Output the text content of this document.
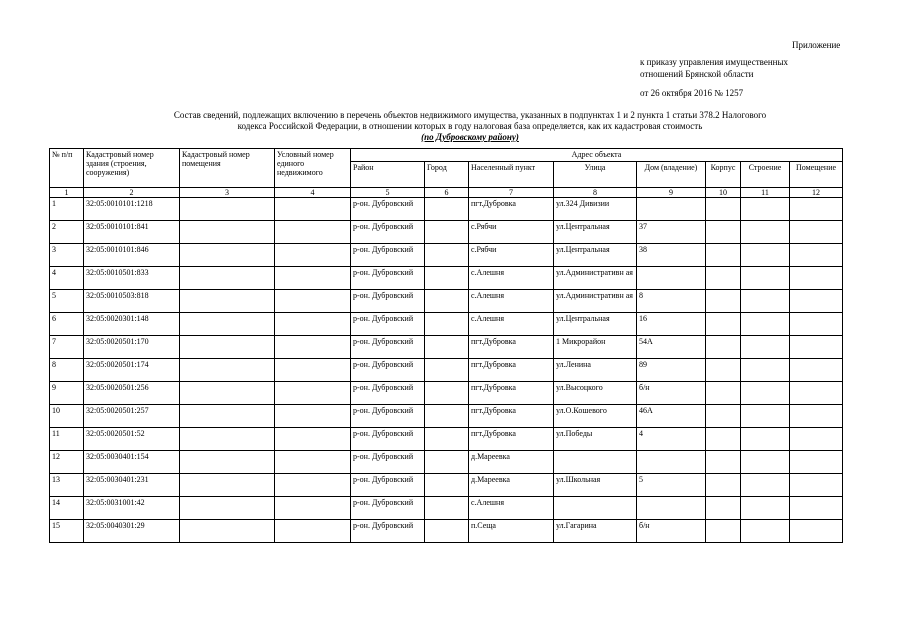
Приложение
к приказу управления имущественных
отношений Брянской области
от 26 октября 2016 № 1257
Состав сведений, подлежащих включению в перечень объектов недвижимого имущества, указанных в подпунктах 1 и 2 пункта 1 статьи 378.2 Налогового
кодекса Российской Федерации, в отношении которых в году налоговая база определяется, как их кадастровая стоимость
(по Дубровскому району)
№ п/п	Кадастровый номер здания (строения, сооружения)	Кадастровый номер помещения	Условный номер единого недвижимого	Адрес объекта							
				Район	Город	Населенный пункт	Улица	Дом (владение)	Корпус	Строение	Помещение
1	2	3	4	5	6	7	8	9	10	11	12
1	32:05:0010101:1218			р-он. Дубровский		пгт.Дубровка	ул.324 Дивизии				
2	32:05:0010101:841			р-он. Дубровский		с.Рябчи	ул.Центральная	37			
3	32:05:0010101:846			р-он. Дубровский		с.Рябчи	ул.Центральная	38			
4	32:05:0010501:833			р-он. Дубровский		с.Алешня	ул.Административн ая				
5	32:05:0010503:818			р-он. Дубровский		с.Алешня	ул.Административн ая	8			
6	32:05:0020301:148			р-он. Дубровский		с.Алешня	ул.Центральная	16			
7	32:05:0020501:170			р-он. Дубровский		пгт.Дубровка	1 Микрорайон	54А			
8	32:05:0020501:174			р-он. Дубровский		пгт.Дубровка	ул.Ленина	89			
9	32:05:0020501:256			р-он. Дубровский		пгт.Дубровка	ул.Высоцкого	б/н			
10	32:05:0020501:257			р-он. Дубровский		пгт.Дубровка	ул.О.Кошевого	46А			
11	32:05:0020501:52			р-он. Дубровский		пгт.Дубровка	ул.Победы	4			
12	32:05:0030401:154			р-он. Дубровский		д.Мареевка					
13	32:05:0030401:231			р-он. Дубровский		д.Мареевка	ул.Школьная	5			
14	32:05:0031001:42			р-он. Дубровский		с.Алешня					
15	32:05:0040301:29			р-он. Дубровский		п.Сеща	ул.Гагарина	б/н			
